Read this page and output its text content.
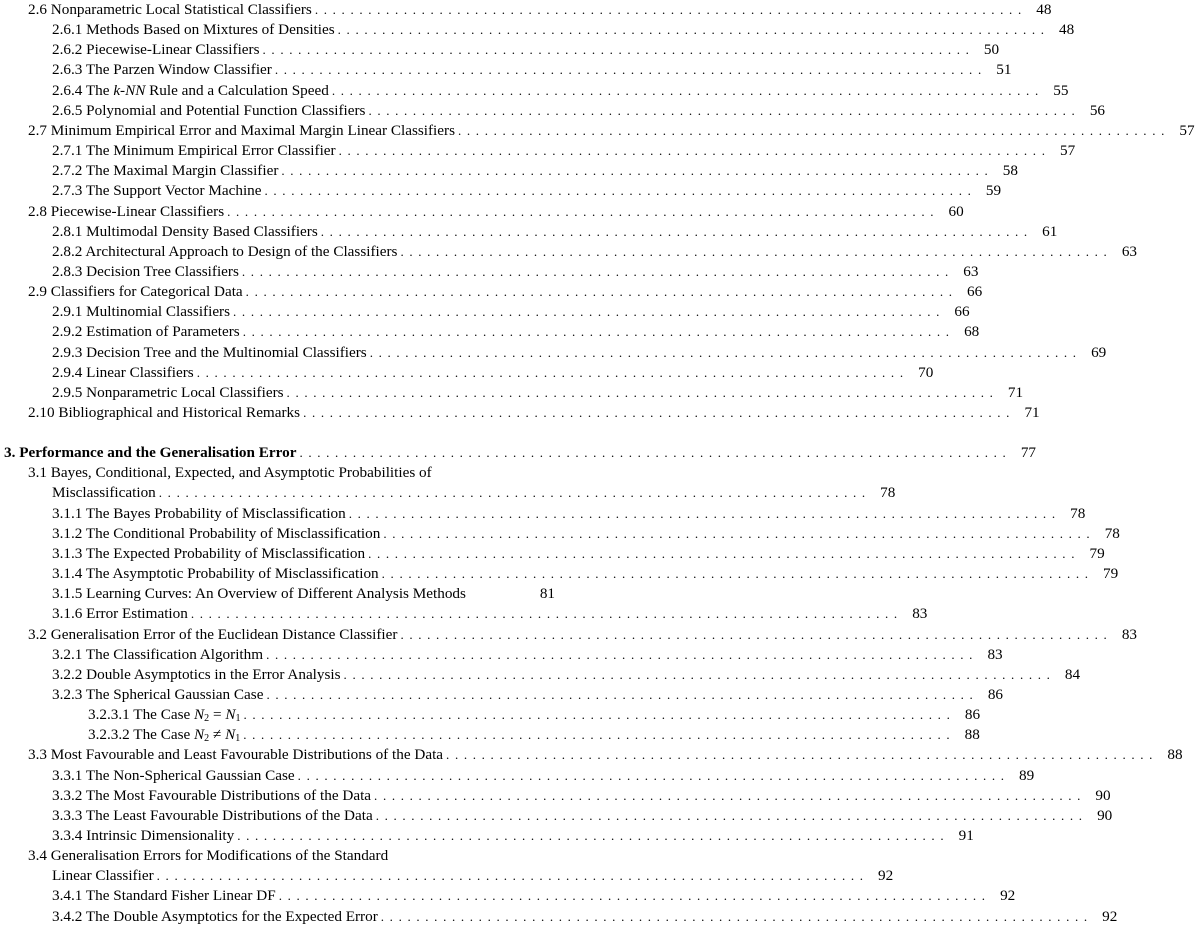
2.6 Nonparametric Local Statistical Classifiers . . . . . . . . . . . . . . . . . . . . . . . . . . . . . . . . . . . . . . . . . . . . . . . . . . . . . . . . . . . . . . . . . . . . . . . . . . . . . . . . 48
2.6.1 Methods Based on Mixtures of Densities . . . . . . . . . . . . . . . . . . . . . . . . . . . . . . . . . . . . . . . . . . . . . . . . . . . . . . . . . . . . . . . . . . . . . . . . . . . . . . . . 48
2.6.2 Piecewise-Linear Classifiers . . . . . . . . . . . . . . . . . . . . . . . . . . . . . . . . . . . . . . . . . . . . . . . . . . . . . . . . . . . . . . . . . . . . . . . . . . . . . . . . 50
2.6.3 The Parzen Window Classifier . . . . . . . . . . . . . . . . . . . . . . . . . . . . . . . . . . . . . . . . . . . . . . . . . . . . . . . . . . . . . . . . . . . . . . . . . . . . . . . . 51
2.6.4 The k-NN Rule and a Calculation Speed . . . . . . . . . . . . . . . . . . . . . . . . . . . . . . . . . . . . . . . . . . . . . . . . . . . . . . . . . . . . . . . . . . . . . . . . . . . . . . . . 55
2.6.5 Polynomial and Potential Function Classifiers . . . . . . . . . . . . . . . . . . . . . . . . . . . . . . . . . . . . . . . . . . . . . . . . . . . . . . . . . . . . . . . . . . . . . . . . . . . . . . . . 56
2.7 Minimum Empirical Error and Maximal Margin Linear Classifiers . . . . . . . . . . . . . . . . . . . . . . . . . . . . . . . . . . . . . . . . . . . . . . . . . . . . . . . . . . . . . . . . . . . . . . . . . . . . . . . . 57
2.7.1 The Minimum Empirical Error Classifier . . . . . . . . . . . . . . . . . . . . . . . . . . . . . . . . . . . . . . . . . . . . . . . . . . . . . . . . . . . . . . . . . . . . . . . . . . . . . . . . 57
2.7.2 The Maximal Margin Classifier . . . . . . . . . . . . . . . . . . . . . . . . . . . . . . . . . . . . . . . . . . . . . . . . . . . . . . . . . . . . . . . . . . . . . . . . . . . . . . . . 58
2.7.3 The Support Vector Machine . . . . . . . . . . . . . . . . . . . . . . . . . . . . . . . . . . . . . . . . . . . . . . . . . . . . . . . . . . . . . . . . . . . . . . . . . . . . . . . . 59
2.8 Piecewise-Linear Classifiers . . . . . . . . . . . . . . . . . . . . . . . . . . . . . . . . . . . . . . . . . . . . . . . . . . . . . . . . . . . . . . . . . . . . . . . . . . . . . . . . 60
2.8.1 Multimodal Density Based Classifiers . . . . . . . . . . . . . . . . . . . . . . . . . . . . . . . . . . . . . . . . . . . . . . . . . . . . . . . . . . . . . . . . . . . . . . . . . . . . . . . . 61
2.8.2 Architectural Approach to Design of the Classifiers . . . . . . . . . . . . . . . . . . . . . . . . . . . . . . . . . . . . . . . . . . . . . . . . . . . . . . . . . . . . . . . . . . . . . . . . . . . . . . . . 63
2.8.3 Decision Tree Classifiers . . . . . . . . . . . . . . . . . . . . . . . . . . . . . . . . . . . . . . . . . . . . . . . . . . . . . . . . . . . . . . . . . . . . . . . . . . . . . . . . 63
2.9 Classifiers for Categorical Data . . . . . . . . . . . . . . . . . . . . . . . . . . . . . . . . . . . . . . . . . . . . . . . . . . . . . . . . . . . . . . . . . . . . . . . . . . . . . . . . 66
2.9.1 Multinomial Classifiers . . . . . . . . . . . . . . . . . . . . . . . . . . . . . . . . . . . . . . . . . . . . . . . . . . . . . . . . . . . . . . . . . . . . . . . . . . . . . . . . 66
2.9.2 Estimation of Parameters . . . . . . . . . . . . . . . . . . . . . . . . . . . . . . . . . . . . . . . . . . . . . . . . . . . . . . . . . . . . . . . . . . . . . . . . . . . . . . . . 68
2.9.3 Decision Tree and the Multinomial Classifiers . . . . . . . . . . . . . . . . . . . . . . . . . . . . . . . . . . . . . . . . . . . . . . . . . . . . . . . . . . . . . . . . . . . . . . . . . . . . . . . . 69
2.9.4 Linear Classifiers . . . . . . . . . . . . . . . . . . . . . . . . . . . . . . . . . . . . . . . . . . . . . . . . . . . . . . . . . . . . . . . . . . . . . . . . . . . . . . . . 70
2.9.5 Nonparametric Local Classifiers . . . . . . . . . . . . . . . . . . . . . . . . . . . . . . . . . . . . . . . . . . . . . . . . . . . . . . . . . . . . . . . . . . . . . . . . . . . . . . . . 71
2.10 Bibliographical and Historical Remarks . . . . . . . . . . . . . . . . . . . . . . . . . . . . . . . . . . . . . . . . . . . . . . . . . . . . . . . . . . . . . . . . . . . . . . . . . . . . . . . . 71
3. Performance and the Generalisation Error . . . . . . . . . . . . . . . . . . . . . . . . . . . . . . . . . . . . . . . . . . . . . . . . . . . . . . . . . . . . . . . . . . . . . . . . . . . . . . . . 77
3.1 Bayes, Conditional, Expected, and Asymptotic Probabilities of
Misclassification . . . . . . . . . . . . . . . . . . . . . . . . . . . . . . . . . . . . . . . . . . . . . . . . . . . . . . . . . . . . . . . . . . . . . . . . . . . . . . . . 78
3.1.1 The Bayes Probability of Misclassification . . . . . . . . . . . . . . . . . . . . . . . . . . . . . . . . . . . . . . . . . . . . . . . . . . . . . . . . . . . . . . . . . . . . . . . . . . . . . . . . 78
3.1.2 The Conditional Probability of Misclassification . . . . . . . . . . . . . . . . . . . . . . . . . . . . . . . . . . . . . . . . . . . . . . . . . . . . . . . . . . . . . . . . . . . . . . . . . . . . . . . . 78
3.1.3 The Expected Probability of Misclassification . . . . . . . . . . . . . . . . . . . . . . . . . . . . . . . . . . . . . . . . . . . . . . . . . . . . . . . . . . . . . . . . . . . . . . . . . . . . . . . . 79
3.1.4 The Asymptotic Probability of Misclassification . . . . . . . . . . . . . . . . . . . . . . . . . . . . . . . . . . . . . . . . . . . . . . . . . . . . . . . . . . . . . . . . . . . . . . . . . . . . . . . . 79
3.1.5 Learning Curves: An Overview of Different Analysis Methods	81
3.1.6 Error Estimation . . . . . . . . . . . . . . . . . . . . . . . . . . . . . . . . . . . . . . . . . . . . . . . . . . . . . . . . . . . . . . . . . . . . . . . . . . . . . . . . 83
3.2 Generalisation Error of the Euclidean Distance Classifier . . . . . . . . . . . . . . . . . . . . . . . . . . . . . . . . . . . . . . . . . . . . . . . . . . . . . . . . . . . . . . . . . . . . . . . . . . . . . . . . 83
3.2.1 The Classification Algorithm . . . . . . . . . . . . . . . . . . . . . . . . . . . . . . . . . . . . . . . . . . . . . . . . . . . . . . . . . . . . . . . . . . . . . . . . . . . . . . . . 83
3.2.2 Double Asymptotics in the Error Analysis . . . . . . . . . . . . . . . . . . . . . . . . . . . . . . . . . . . . . . . . . . . . . . . . . . . . . . . . . . . . . . . . . . . . . . . . . . . . . . . . 84
3.2.3 The Spherical Gaussian Case . . . . . . . . . . . . . . . . . . . . . . . . . . . . . . . . . . . . . . . . . . . . . . . . . . . . . . . . . . . . . . . . . . . . . . . . . . . . . . . . 86
3.2.3.1 The Case $N_2 = N_1$ . . . . . . . . . . . . . . . . . . . . . . . . . . . . . . . . . . . . . . . . . . . . . . . . . . . . . . . . . . . . . . . . . . . . . . . . . . . . . . . . 86
3.2.3.2 The Case $N_2 \ne N_1$ . . . . . . . . . . . . . . . . . . . . . . . . . . . . . . . . . . . . . . . . . . . . . . . . . . . . . . . . . . . . . . . . . . . . . . . . . . . . . . . . 88
3.3 Most Favourable and Least Favourable Distributions of the Data . . . . . . . . . . . . . . . . . . . . . . . . . . . . . . . . . . . . . . . . . . . . . . . . . . . . . . . . . . . . . . . . . . . . . . . . . . . . . . . . 88
3.3.1 The Non-Spherical Gaussian Case . . . . . . . . . . . . . . . . . . . . . . . . . . . . . . . . . . . . . . . . . . . . . . . . . . . . . . . . . . . . . . . . . . . . . . . . . . . . . . . . 89
3.3.2 The Most Favourable Distributions of the Data . . . . . . . . . . . . . . . . . . . . . . . . . . . . . . . . . . . . . . . . . . . . . . . . . . . . . . . . . . . . . . . . . . . . . . . . . . . . . . . . 90
3.3.3 The Least Favourable Distributions of the Data . . . . . . . . . . . . . . . . . . . . . . . . . . . . . . . . . . . . . . . . . . . . . . . . . . . . . . . . . . . . . . . . . . . . . . . . . . . . . . . . 90
3.3.4 Intrinsic Dimensionality . . . . . . . . . . . . . . . . . . . . . . . . . . . . . . . . . . . . . . . . . . . . . . . . . . . . . . . . . . . . . . . . . . . . . . . . . . . . . . . . 91
3.4 Generalisation Errors for Modifications of the Standard
Linear Classifier . . . . . . . . . . . . . . . . . . . . . . . . . . . . . . . . . . . . . . . . . . . . . . . . . . . . . . . . . . . . . . . . . . . . . . . . . . . . . . . . 92
3.4.1 The Standard Fisher Linear DF . . . . . . . . . . . . . . . . . . . . . . . . . . . . . . . . . . . . . . . . . . . . . . . . . . . . . . . . . . . . . . . . . . . . . . . . . . . . . . . . 92
3.4.2 The Double Asymptotics for the Expected Error . . . . . . . . . . . . . . . . . . . . . . . . . . . . . . . . . . . . . . . . . . . . . . . . . . . . . . . . . . . . . . . . . . . . . . . . . . . . . . . . 92
